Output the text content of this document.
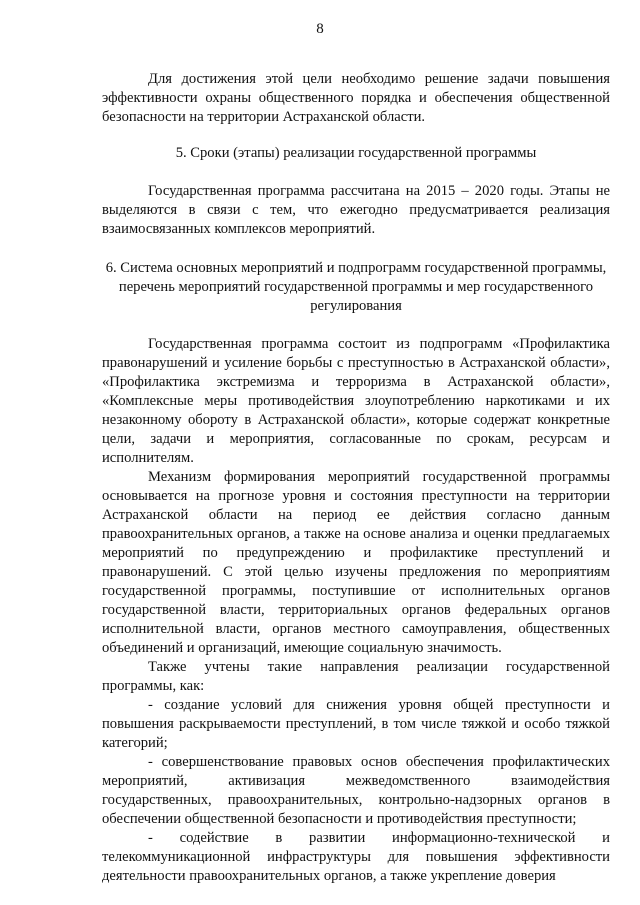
8

Для достижения этой цели необходимо решение задачи повышения эффективности охраны общественного порядка и обеспечения общественной безопасности на территории Астраханской области.

5. Сроки (этапы) реализации государственной программы

Государственная программа рассчитана на 2015 – 2020 годы. Этапы не выделяются в связи с тем, что ежегодно предусматривается реализация взаимосвязанных комплексов мероприятий.

6. Система основных мероприятий и подпрограмм государственной программы, перечень мероприятий государственной программы и мер государственного регулирования

Государственная программа состоит из подпрограмм «Профилактика правонарушений и усиление борьбы с преступностью в Астраханской области», «Профилактика экстремизма и терроризма в Астраханской области», «Комплексные меры противодействия злоупотреблению наркотиками и их незаконному обороту в Астраханской области», которые содержат конкретные цели, задачи и мероприятия, согласованные по срокам, ресурсам и исполнителям.

Механизм формирования мероприятий государственной программы основывается на прогнозе уровня и состояния преступности на территории Астраханской области на период ее действия согласно данным правоохранительных органов, а также на основе анализа и оценки предлагаемых мероприятий по предупреждению и профилактике преступлений и правонарушений. С этой целью изучены предложения по мероприятиям государственной программы, поступившие от исполнительных органов государственной власти, территориальных органов федеральных органов исполнительной власти, органов местного самоуправления, общественных объединений и организаций, имеющие социальную значимость.

Также учтены такие направления реализации государственной программы, как:

- создание условий для снижения уровня общей преступности и повышения раскрываемости преступлений, в том числе тяжкой и особо тяжкой категорий;

- совершенствование правовых основ обеспечения профилактических мероприятий, активизация межведомственного взаимодействия государственных, правоохранительных, контрольно-надзорных органов в обеспечении общественной безопасности и противодействия преступности;

- содействие в развитии информационно-технической и телекоммуникационной инфраструктуры для повышения эффективности деятельности правоохранительных органов, а также укрепление доверия
